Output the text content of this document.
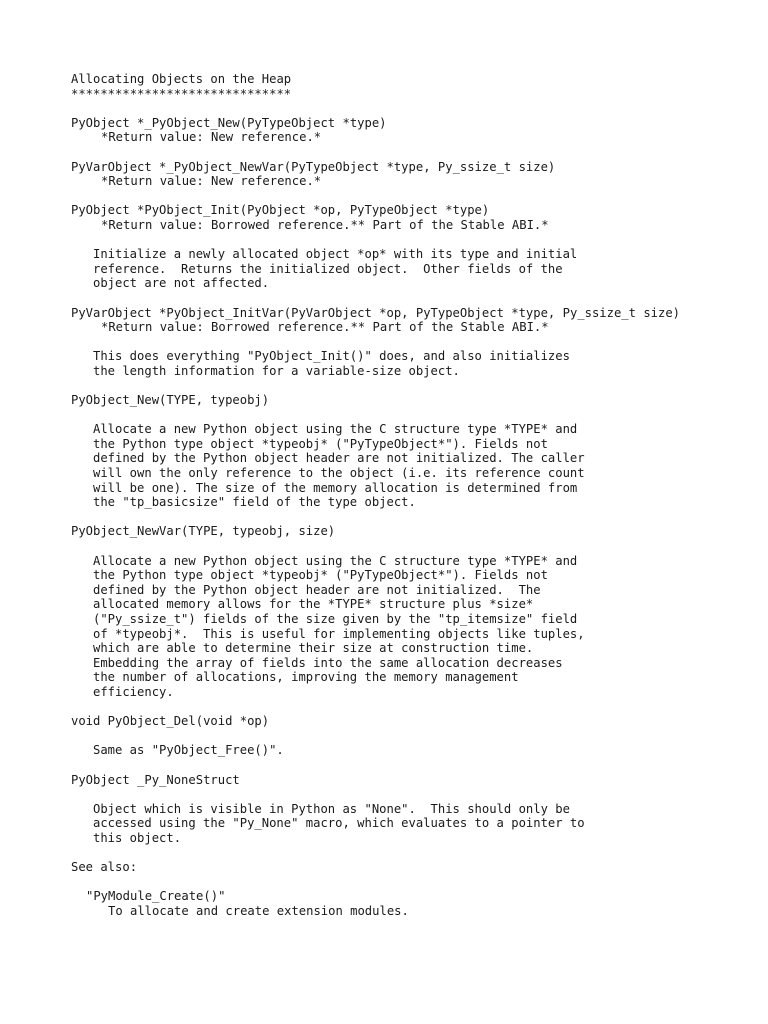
Allocating Objects on the Heap
******************************
PyObject *_PyObject_New(PyTypeObject *type)
*Return value: New reference.*
PyVarObject *_PyObject_NewVar(PyTypeObject *type, Py_ssize_t size)
*Return value: New reference.*
PyObject *PyObject_Init(PyObject *op, PyTypeObject *type)
*Return value: Borrowed reference.** Part of the Stable ABI.*
Initialize a newly allocated object *op* with its type and initial
reference.  Returns the initialized object.  Other fields of the
object are not affected.
PyVarObject *PyObject_InitVar(PyVarObject *op, PyTypeObject *type, Py_ssize_t size)
*Return value: Borrowed reference.** Part of the Stable ABI.*
This does everything "PyObject_Init()" does, and also initializes
the length information for a variable-size object.
PyObject_New(TYPE, typeobj)
Allocate a new Python object using the C structure type *TYPE* and
the Python type object *typeobj* ("PyTypeObject*"). Fields not
defined by the Python object header are not initialized. The caller
will own the only reference to the object (i.e. its reference count
will be one). The size of the memory allocation is determined from
the "tp_basicsize" field of the type object.
PyObject_NewVar(TYPE, typeobj, size)
Allocate a new Python object using the C structure type *TYPE* and
the Python type object *typeobj* ("PyTypeObject*"). Fields not
defined by the Python object header are not initialized.  The
allocated memory allows for the *TYPE* structure plus *size*
("Py_ssize_t") fields of the size given by the "tp_itemsize" field
of *typeobj*.  This is useful for implementing objects like tuples,
which are able to determine their size at construction time.
Embedding the array of fields into the same allocation decreases
the number of allocations, improving the memory management
efficiency.
void PyObject_Del(void *op)
Same as "PyObject_Free()".
PyObject _Py_NoneStruct
Object which is visible in Python as "None".  This should only be
accessed using the "Py_None" macro, which evaluates to a pointer to
this object.
See also:
"PyModule_Create()"
To allocate and create extension modules.
